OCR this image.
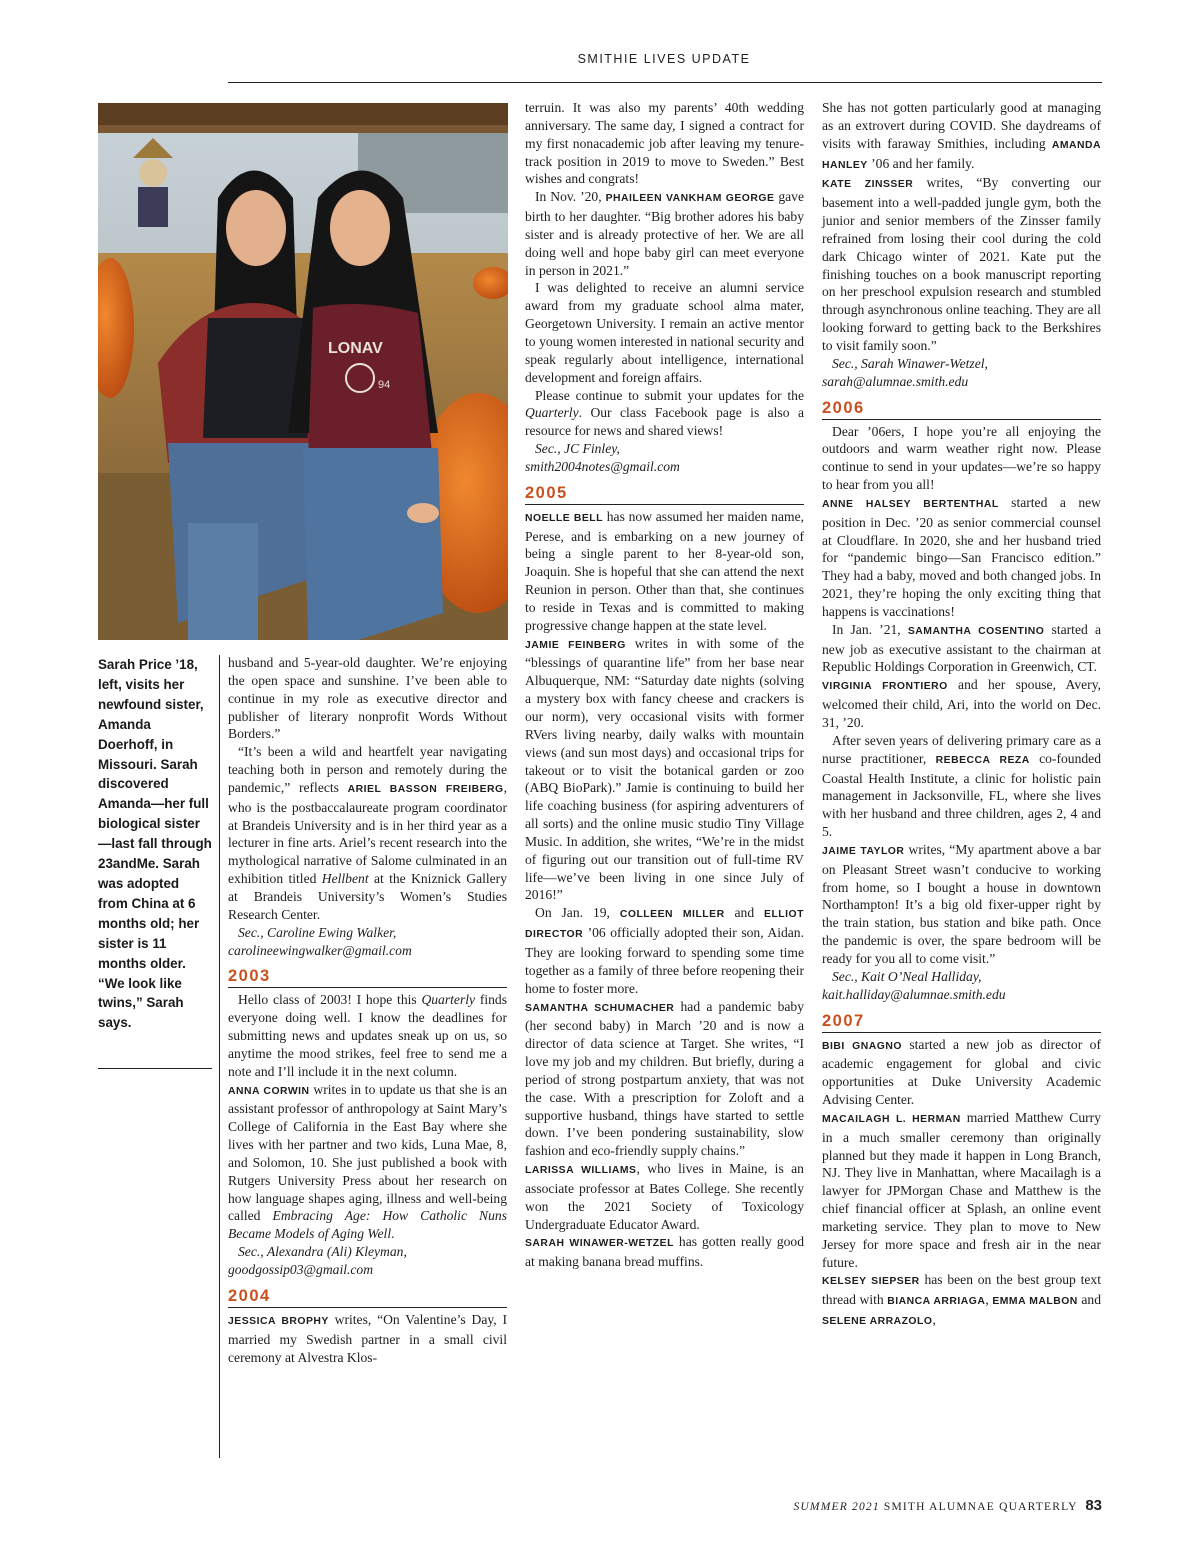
SMITHIE LIVES UPDATE
LONAV
94
Sarah Price ’18, left, visits her newfound sister, Amanda Doerhoff, in Missouri. Sarah discovered Amanda—her full biological sister—last fall through 23andMe. Sarah was adopted from China at 6 months old; her sister is 11 months older. “We look like twins,” Sarah says.

husband and 5-year-old daughter. We’re enjoying the open space and sunshine. I’ve been able to continue in my role as executive director and publisher of literary nonprofit Words Without Borders.”

“It’s been a wild and heartfelt year navigating teaching both in person and remotely during the pandemic,” reflects ARIEL BASSON FREIBERG, who is the postbaccalaureate program coordinator at Brandeis University and is in her third year as a lecturer in fine arts. Ariel’s recent research into the mythological narrative of Salome culminated in an exhibition titled Hellbent at the Kniznick Gallery at Brandeis University’s Women’s Studies Research Center.

Sec., Caroline Ewing Walker,

carolineewingwalker@gmail.com

2003

Hello class of 2003! I hope this Quarterly finds everyone doing well. I know the deadlines for submitting news and updates sneak up on us, so anytime the mood strikes, feel free to send me a note and I’ll include it in the next column.

ANNA CORWIN writes in to update us that she is an assistant professor of anthropology at Saint Mary’s College of California in the East Bay where she lives with her partner and two kids, Luna Mae, 8, and Solomon, 10. She just published a book with Rutgers University Press about her research on how language shapes aging, illness and well-being called Embracing Age: How Catholic Nuns Became Models of Aging Well.

Sec., Alexandra (Ali) Kleyman,

goodgossip03@gmail.com

2004

JESSICA BROPHY writes, “On Valentine’s Day, I married my Swedish partner in a small civil ceremony at Alvestra Klos-

terruin. It was also my parents’ 40th wedding anniversary. The same day, I signed a contract for my first nonacademic job after leaving my tenure-track position in 2019 to move to Sweden.” Best wishes and congrats!

In Nov. ’20, PHAILEEN VANKHAM GEORGE gave birth to her daughter. “Big brother adores his baby sister and is already protective of her. We are all doing well and hope baby girl can meet everyone in person in 2021.”

I was delighted to receive an alumni service award from my graduate school alma mater, Georgetown University. I remain an active mentor to young women interested in national security and speak regularly about intelligence, international development and foreign affairs.

Please continue to submit your updates for the Quarterly. Our class Facebook page is also a resource for news and shared views!

Sec., JC Finley,

smith2004notes@gmail.com

2005

NOELLE BELL has now assumed her maiden name, Perese, and is embarking on a new journey of being a single parent to her 8-year-old son, Joaquin. She is hopeful that she can attend the next Reunion in person. Other than that, she continues to reside in Texas and is committed to making progressive change happen at the state level.

JAMIE FEINBERG writes in with some of the “blessings of quarantine life” from her base near Albuquerque, NM: “Saturday date nights (solving a mystery box with fancy cheese and crackers is our norm), very occasional visits with former RVers living nearby, daily walks with mountain views (and sun most days) and occasional trips for takeout or to visit the botanical garden or zoo (ABQ BioPark).” Jamie is continuing to build her life coaching business (for aspiring adventurers of all sorts) and the online music studio Tiny Village Music. In addition, she writes, “We’re in the midst of figuring out our transition out of full-time RV life—we’ve been living in one since July of 2016!”

On Jan. 19, COLLEEN MILLER and ELLIOT DIRECTOR ’06 officially adopted their son, Aidan. They are looking forward to spending some time together as a family of three before reopening their home to foster more.

SAMANTHA SCHUMACHER had a pandemic baby (her second baby) in March ’20 and is now a director of data science at Target. She writes, “I love my job and my children. But briefly, during a period of strong postpartum anxiety, that was not the case. With a prescription for Zoloft and a supportive husband, things have started to settle down. I’ve been pondering sustainability, slow fashion and eco-friendly supply chains.”

LARISSA WILLIAMS, who lives in Maine, is an associate professor at Bates College. She recently won the 2021 Society of Toxicology Undergraduate Educator Award.

SARAH WINAWER-WETZEL has gotten really good at making banana bread muffins.

She has not gotten particularly good at managing as an extrovert during COVID. She daydreams of visits with faraway Smithies, including AMANDA HANLEY ’06 and her family.

KATE ZINSSER writes, “By converting our basement into a well-padded jungle gym, both the junior and senior members of the Zinsser family refrained from losing their cool during the cold dark Chicago winter of 2021. Kate put the finishing touches on a book manuscript reporting on her preschool expulsion research and stumbled through asynchronous online teaching. They are all looking forward to getting back to the Berkshires to visit family soon.”

Sec., Sarah Winawer-Wetzel,

sarah@alumnae.smith.edu

2006

Dear ’06ers, I hope you’re all enjoying the outdoors and warm weather right now. Please continue to send in your updates—we’re so happy to hear from you all!

ANNE HALSEY BERTENTHAL started a new position in Dec. ’20 as senior commercial counsel at Cloudflare. In 2020, she and her husband tried for “pandemic bingo—San Francisco edition.” They had a baby, moved and both changed jobs. In 2021, they’re hoping the only exciting thing that happens is vaccinations!

In Jan. ’21, SAMANTHA COSENTINO started a new job as executive assistant to the chairman at Republic Holdings Corporation in Greenwich, CT.

VIRGINIA FRONTIERO and her spouse, Avery, welcomed their child, Ari, into the world on Dec. 31, ’20.

After seven years of delivering primary care as a nurse practitioner, REBECCA REZA co-founded Coastal Health Institute, a clinic for holistic pain management in Jacksonville, FL, where she lives with her husband and three children, ages 2, 4 and 5.

JAIME TAYLOR writes, “My apartment above a bar on Pleasant Street wasn’t conducive to working from home, so I bought a house in downtown Northampton! It’s a big old fixer-upper right by the train station, bus station and bike path. Once the pandemic is over, the spare bedroom will be ready for you all to come visit.”

Sec., Kait O’Neal Halliday,

kait.halliday@alumnae.smith.edu

2007

BIBI GNAGNO started a new job as director of academic engagement for global and civic opportunities at Duke University Academic Advising Center.

MACAILAGH L. HERMAN married Matthew Curry in a much smaller ceremony than originally planned but they made it happen in Long Branch, NJ. They live in Manhattan, where Macailagh is a lawyer for JPMorgan Chase and Matthew is the chief financial officer at Splash, an online event marketing service. They plan to move to New Jersey for more space and fresh air in the near future.

KELSEY SIEPSER has been on the best group text thread with BIANCA ARRIAGA, EMMA MALBON and SELENE ARRAZOLO,

SUMMER 2021 SMITH ALUMNAE QUARTERLY 83
